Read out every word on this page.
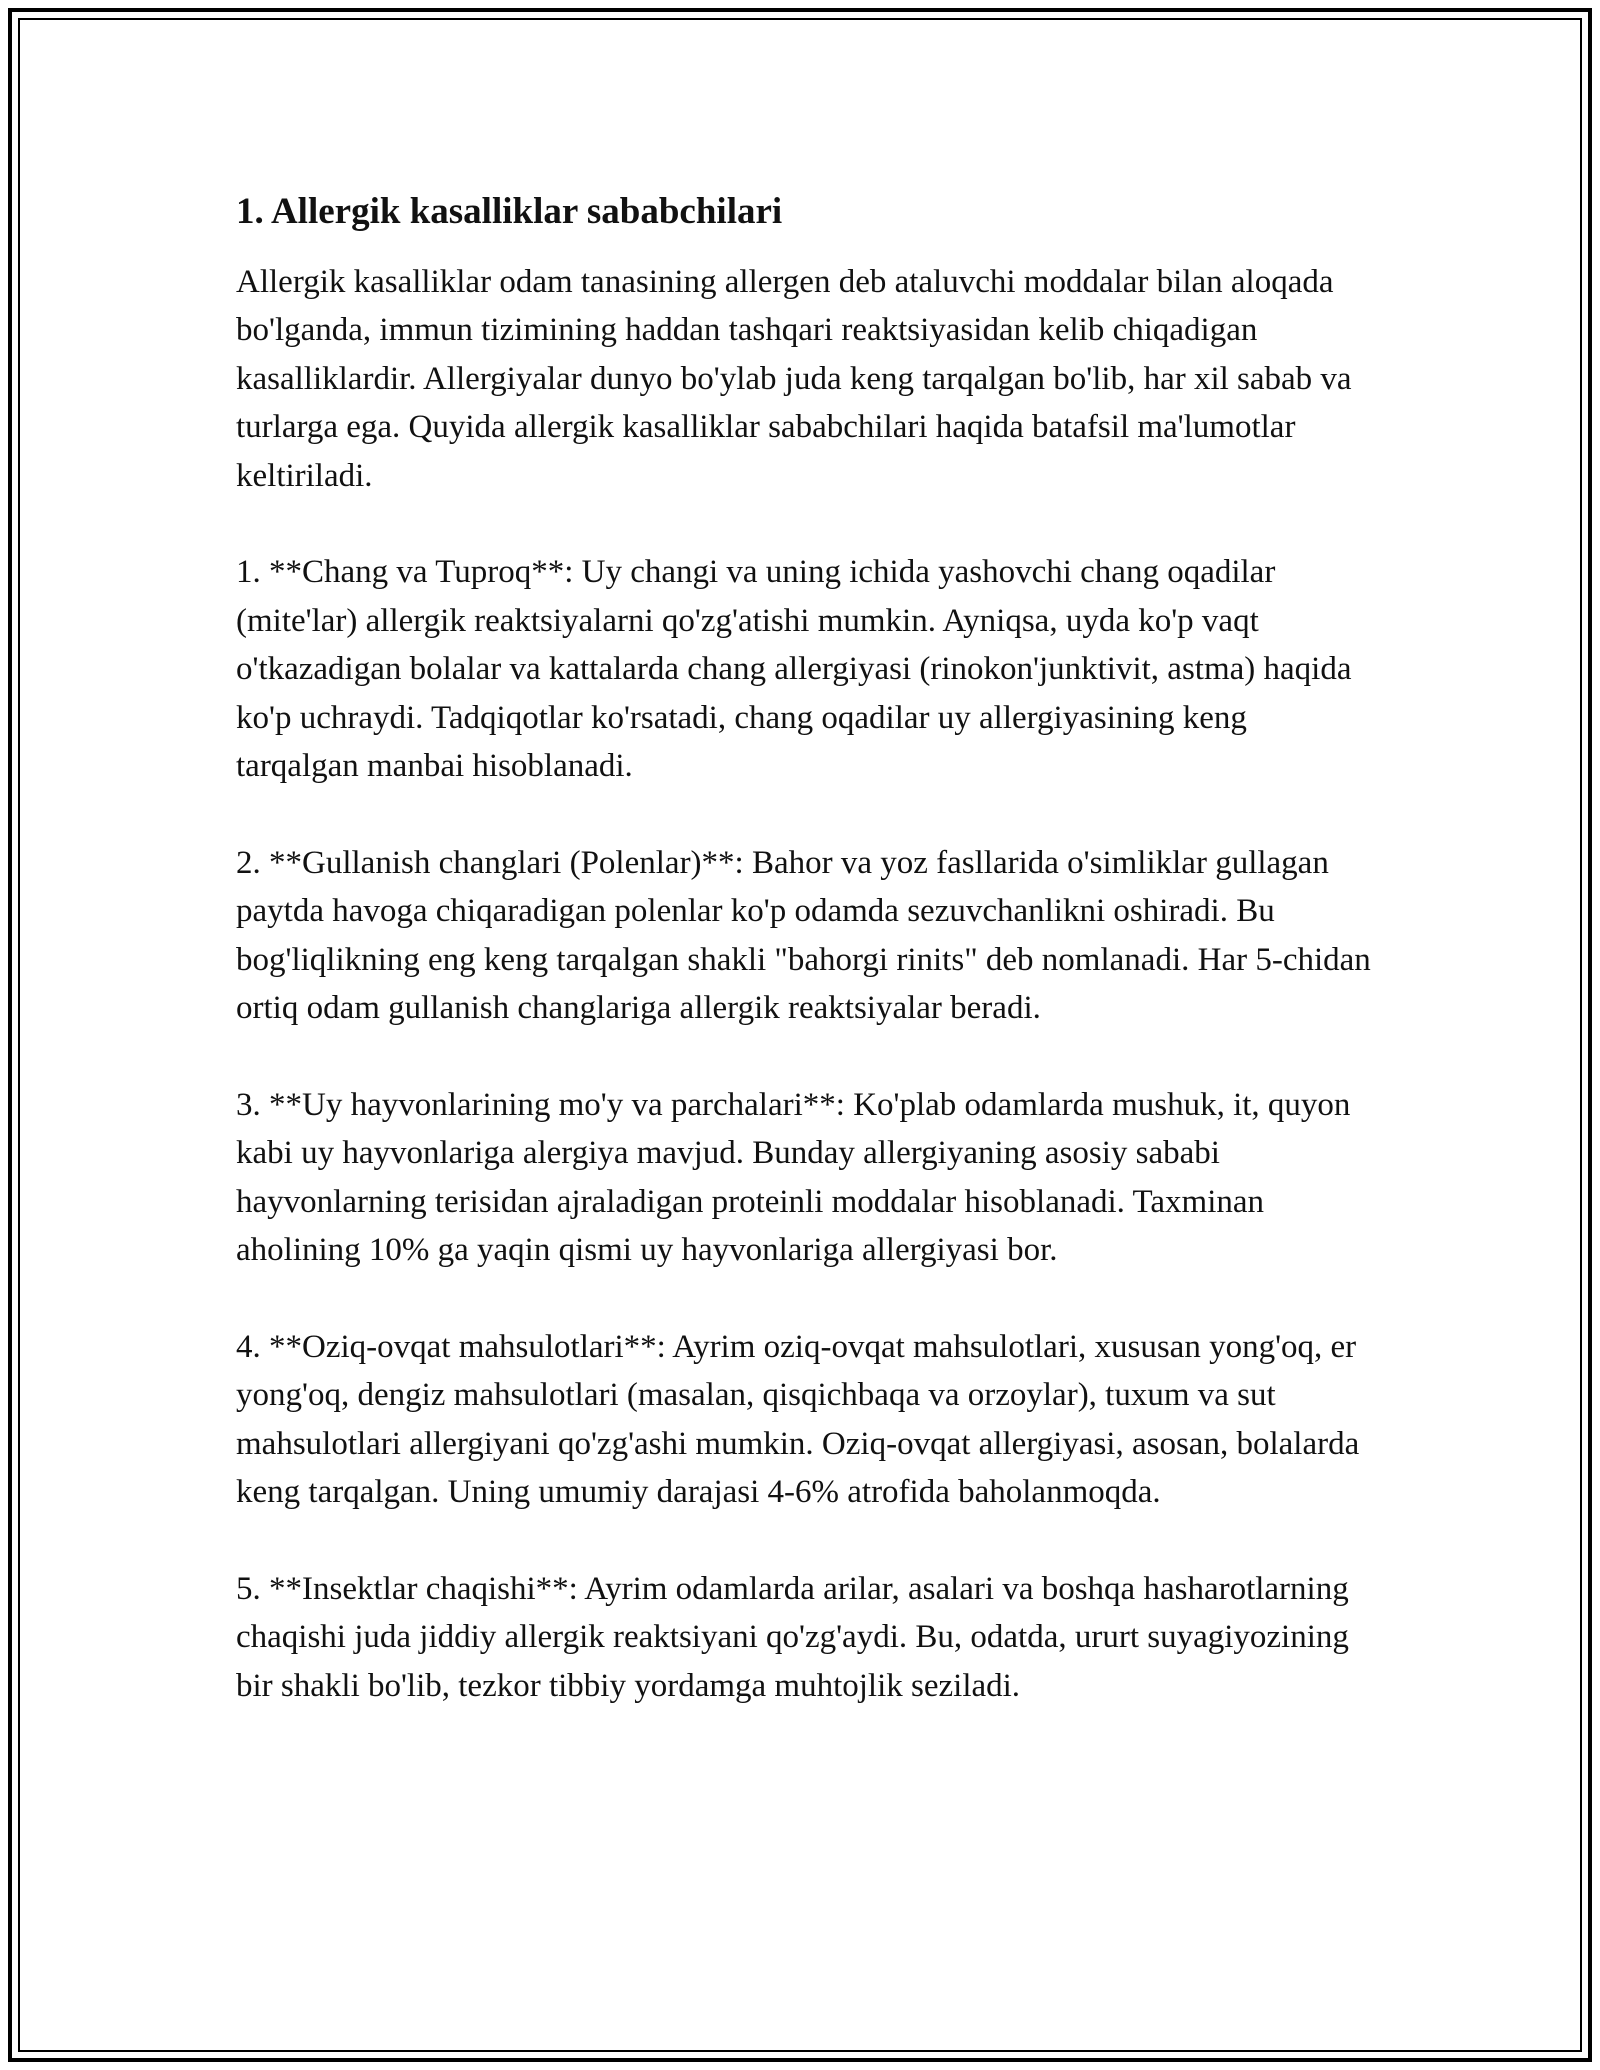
1. Allergik kasalliklar sababchilari

Allergik kasalliklar odam tanasining allergen deb ataluvchi moddalar bilan aloqada bo'lganda, immun tizimining haddan tashqari reaktsiyasidan kelib chiqadigan kasalliklardir. Allergiyalar dunyo bo'ylab juda keng tarqalgan bo'lib, har xil sabab va turlarga ega. Quyida allergik kasalliklar sababchilari haqida batafsil ma'lumotlar keltiriladi.

1. **Chang va Tuproq**: Uy changi va uning ichida yashovchi chang oqadilar (mite'lar) allergik reaktsiyalarni qo'zg'atishi mumkin. Ayniqsa, uyda ko'p vaqt o'tkazadigan bolalar va kattalarda chang allergiyasi (rinokon'junktivit, astma) haqida ko'p uchraydi. Tadqiqotlar ko'rsatadi, chang oqadilar uy allergiyasining keng tarqalgan manbai hisoblanadi.

2. **Gullanish changlari (Polenlar)**: Bahor va yoz fasllarida o'simliklar gullagan paytda havoga chiqaradigan polenlar ko'p odamda sezuvchanlikni oshiradi. Bu bog'liqlikning eng keng tarqalgan shakli "bahorgi rinits" deb nomlanadi. Har 5-chidan ortiq odam gullanish changlariga allergik reaktsiyalar beradi.

3. **Uy hayvonlarining mo'y va parchalari**: Ko'plab odamlarda mushuk, it, quyon kabi uy hayvonlariga alergiya mavjud. Bunday allergiyaning asosiy sababi hayvonlarning terisidan ajraladigan proteinli moddalar hisoblanadi. Taxminan aholining 10% ga yaqin qismi uy hayvonlariga allergiyasi bor.

4. **Oziq-ovqat mahsulotlari**: Ayrim oziq-ovqat mahsulotlari, xususan yong'oq, er yong'oq, dengiz mahsulotlari (masalan, qisqichbaqa va orzoylar), tuxum va sut mahsulotlari allergiyani qo'zg'ashi mumkin. Oziq-ovqat allergiyasi, asosan, bolalarda keng tarqalgan. Uning umumiy darajasi 4-6% atrofida baholanmoqda.

5. **Insektlar chaqishi**: Ayrim odamlarda arilar, asalari va boshqa hasharotlarning chaqishi juda jiddiy allergik reaktsiyani qo'zg'aydi. Bu, odatda, ururt suyagiyozining bir shakli bo'lib, tezkor tibbiy yordamga muhtojlik seziladi.
